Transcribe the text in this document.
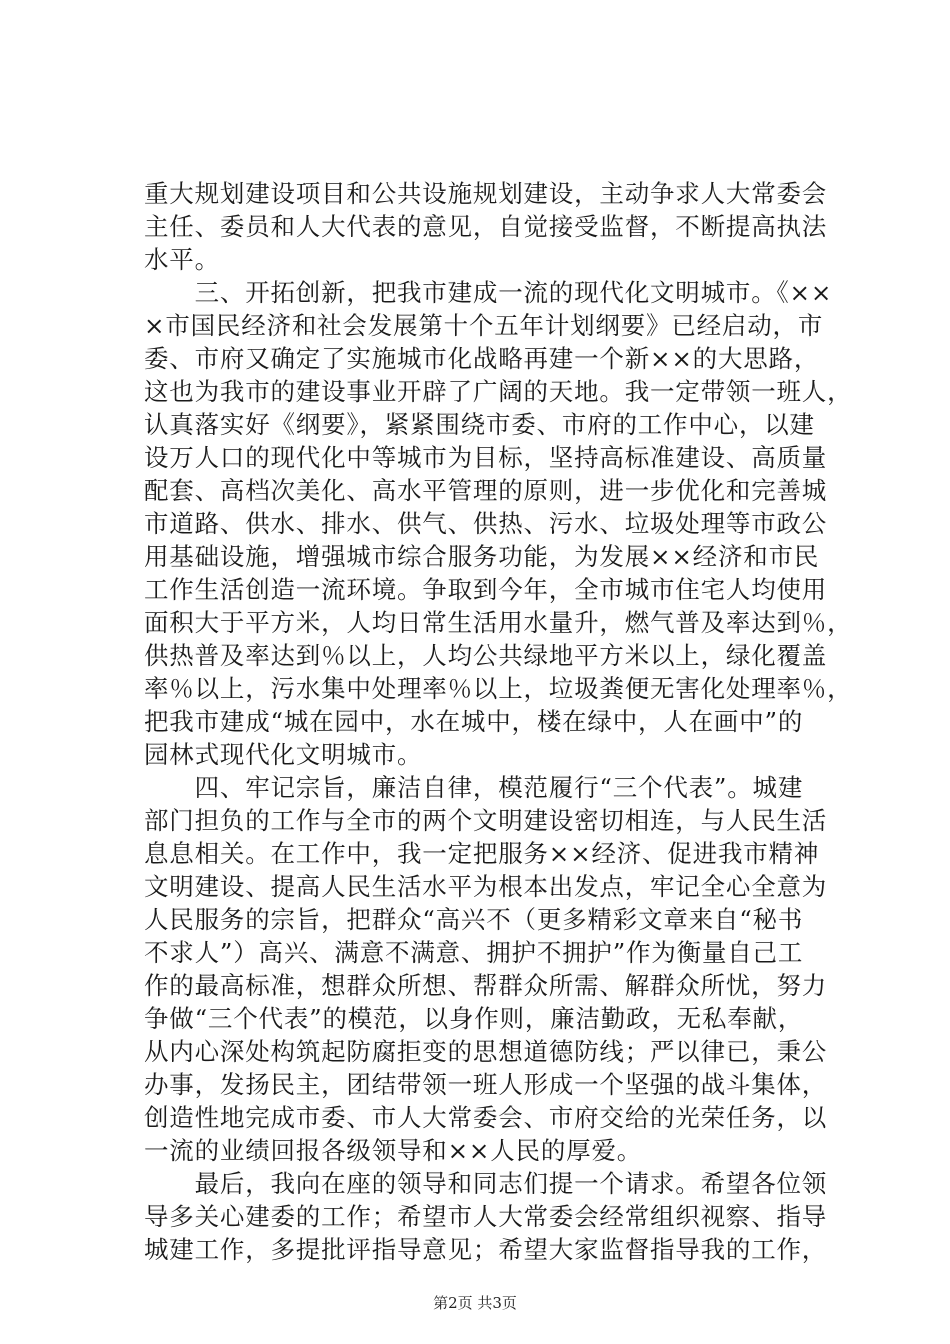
重大规划建设项目和公共设施规划建设，主动争求人大常委会
主任、委员和人大代表的意见，自觉接受监督，不断提高执法
水平。
　　三、开拓创新，把我市建成一流的现代化文明城市。《××
×市国民经济和社会发展第十个五年计划纲要》已经启动，市
委、市府又确定了实施城市化战略再建一个新××的大思路，
这也为我市的建设事业开辟了广阔的天地。我一定带领一班人，
认真落实好《纲要》，紧紧围绕市委、市府的工作中心，以建
设万人口的现代化中等城市为目标，坚持高标准建设、高质量
配套、高档次美化、高水平管理的原则，进一步优化和完善城
市道路、供水、排水、供气、供热、污水、垃圾处理等市政公
用基础设施，增强城市综合服务功能，为发展××经济和市民
工作生活创造一流环境。争取到今年，全市城市住宅人均使用
面积大于平方米，人均日常生活用水量升，燃气普及率达到％，
供热普及率达到％以上，人均公共绿地平方米以上，绿化覆盖
率％以上，污水集中处理率％以上，垃圾粪便无害化处理率％，
把我市建成“城在园中，水在城中，楼在绿中，人在画中”的
园林式现代化文明城市。
　　四、牢记宗旨，廉洁自律，模范履行“三个代表”。城建
部门担负的工作与全市的两个文明建设密切相连，与人民生活
息息相关。在工作中，我一定把服务××经济、促进我市精神
文明建设、提高人民生活水平为根本出发点，牢记全心全意为
人民服务的宗旨，把群众“高兴不（更多精彩文章来自“秘书
不求人”）高兴、满意不满意、拥护不拥护”作为衡量自己工
作的最高标准，想群众所想、帮群众所需、解群众所忧，努力
争做“三个代表”的模范，以身作则，廉洁勤政，无私奉献，
从内心深处构筑起防腐拒变的思想道德防线；严以律已，秉公
办事，发扬民主，团结带领一班人形成一个坚强的战斗集体，
创造性地完成市委、市人大常委会、市府交给的光荣任务，以
一流的业绩回报各级领导和××人民的厚爱。
　　最后，我向在座的领导和同志们提一个请求。希望各位领
导多关心建委的工作；希望市人大常委会经常组织视察、指导
城建工作，多提批评指导意见；希望大家监督指导我的工作，
第2页 共3页
